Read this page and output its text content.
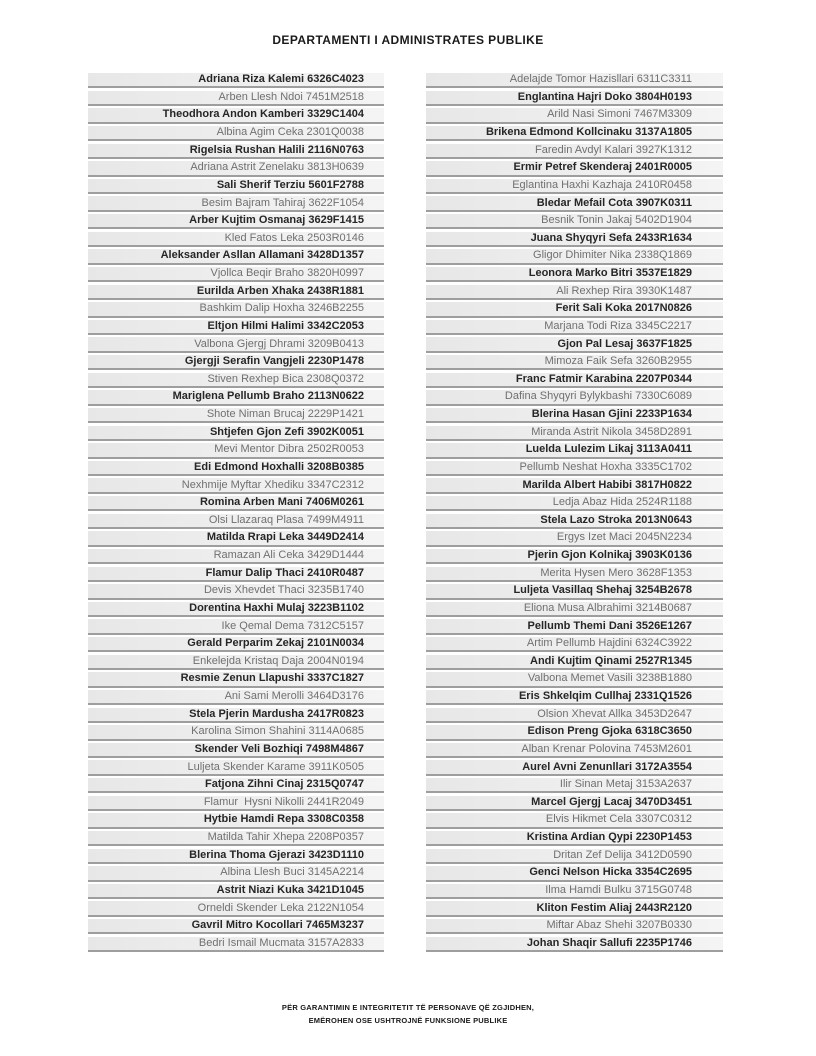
DEPARTAMENTI I ADMINISTRATES PUBLIKE
Adriana Riza Kalemi 6326C4023
Arben Llesh Ndoi 7451M2518
Theodhora Andon Kamberi 3329C1404
Albina Agim Ceka 2301Q0038
Rigelsia Rushan Halili 2116N0763
Adriana Astrit Zenelaku 3813H0639
Sali Sherif Terziu 5601F2788
Besim Bajram Tahiraj 3622F1054
Arber Kujtim Osmanaj 3629F1415
Kled Fatos Leka 2503R0146
Aleksander Asllan Allamani 3428D1357
Vjollca Beqir Braho 3820H0997
Eurilda Arben Xhaka 2438R1881
Bashkim Dalip Hoxha 3246B2255
Eltjon Hilmi Halimi 3342C2053
Valbona Gjergj Dhrami 3209B0413
Gjergji Serafin Vangjeli 2230P1478
Stiven Rexhep Bica 2308Q0372
Mariglena Pellumb Braho 2113N0622
Shote Niman Brucaj 2229P1421
Shtjefen Gjon Zefi 3902K0051
Mevi Mentor Dibra 2502R0053
Edi Edmond Hoxhalli 3208B0385
Nexhmije Myftar Xhediku 3347C2312
Romina Arben Mani 7406M0261
Olsi Llazaraq Plasa 7499M4911
Matilda Rrapi Leka 3449D2414
Ramazan Ali Ceka 3429D1444
Flamur Dalip Thaci 2410R0487
Devis Xhevdet Thaci 3235B1740
Dorentina Haxhi Mulaj 3223B1102
Ike Qemal Dema 7312C5157
Gerald Perparim Zekaj 2101N0034
Enkelejda Kristaq Daja 2004N0194
Resmie Zenun Llapushi 3337C1827
Ani Sami Merolli 3464D3176
Stela Pjerin Mardusha 2417R0823
Karolina Simon Shahini 3114A0685
Skender Veli Bozhiqi 7498M4867
Luljeta Skender Karame 3911K0505
Fatjona Zihni Cinaj 2315Q0747
Flamur  Hysni Nikolli 2441R2049
Hytbie Hamdi Repa 3308C0358
Matilda Tahir Xhepa 2208P0357
Blerina Thoma Gjerazi 3423D1110
Albina Llesh Buci 3145A2214
Astrit Niazi Kuka 3421D1045
Orneldi Skender Leka 2122N1054
Gavril Mitro Kocollari 7465M3237
Bedri Ismail Mucmata 3157A2833
Adelajde Tomor Hazisllari 6311C3311
Englantina Hajri Doko 3804H0193
Arild Nasi Simoni 7467M3309
Brikena Edmond Kollcinaku 3137A1805
Faredin Avdyl Kalari 3927K1312
Ermir Petref Skenderaj 2401R0005
Eglantina Haxhi Kazhaja 2410R0458
Bledar Mefail Cota 3907K0311
Besnik Tonin Jakaj 5402D1904
Juana Shyqyri Sefa 2433R1634
Gligor Dhimiter Nika 2338Q1869
Leonora Marko Bitri 3537E1829
Ali Rexhep Rira 3930K1487
Ferit Sali Koka 2017N0826
Marjana Todi Riza 3345C2217
Gjon Pal Lesaj 3637F1825
Mimoza Faik Sefa 3260B2955
Franc Fatmir Karabina 2207P0344
Dafina Shyqyri Bylykbashi 7330C6089
Blerina Hasan Gjini 2233P1634
Miranda Astrit Nikola 3458D2891
Luelda Lulezim Likaj 3113A0411
Pellumb Neshat Hoxha 3335C1702
Marilda Albert Habibi 3817H0822
Ledja Abaz Hida 2524R1188
Stela Lazo Stroka 2013N0643
Ergys Izet Maci 2045N2234
Pjerin Gjon Kolnikaj 3903K0136
Merita Hysen Mero 3628F1353
Luljeta Vasillaq Shehaj 3254B2678
Eliona Musa Albrahimi 3214B0687
Pellumb Themi Dani 3526E1267
Artim Pellumb Hajdini 6324C3922
Andi Kujtim Qinami 2527R1345
Valbona Memet Vasili 3238B1880
Eris Shkelqim Cullhaj 2331Q1526
Olsion Xhevat Allka 3453D2647
Edison Preng Gjoka 6318C3650
Alban Krenar Polovina 7453M2601
Aurel Avni Zenunllari 3172A3554
Ilir Sinan Metaj 3153A2637
Marcel Gjergj Lacaj 3470D3451
Elvis Hikmet Cela 3307C0312
Kristina Ardian Qypi 2230P1453
Dritan Zef Delija 3412D0590
Genci Nelson Hicka 3354C2695
Ilma Hamdi Bulku 3715G0748
Kliton Festim Aliaj 2443R2120
Miftar Abaz Shehi 3207B0330
Johan Shaqir Sallufi 2235P1746
PËR GARANTIMIN E INTEGRITETIT TË PERSONAVE QË ZGJIDHEN,
EMËROHEN OSE USHTROJNË FUNKSIONE PUBLIKE
